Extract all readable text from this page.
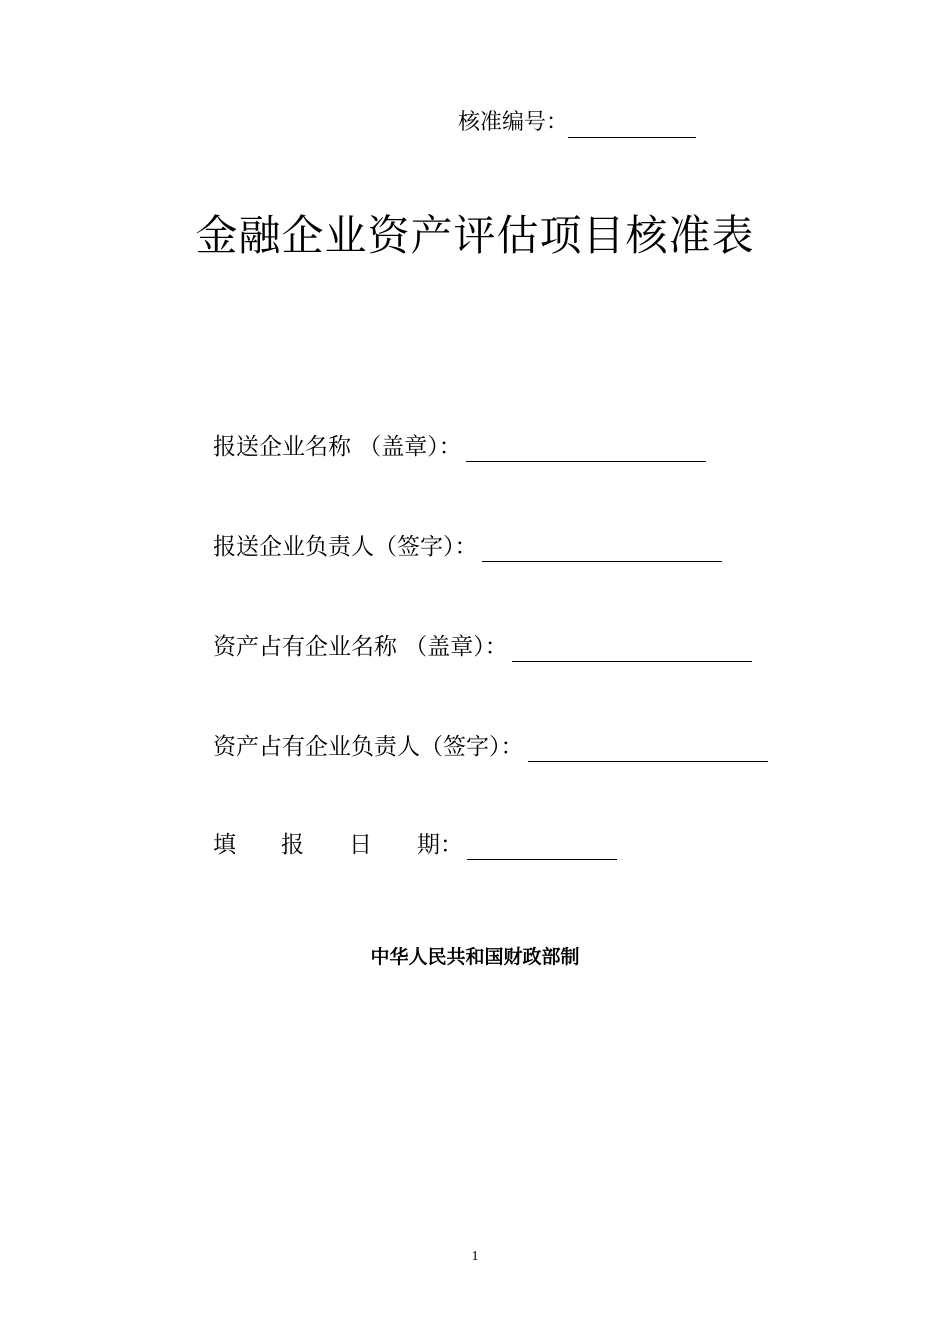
核准编号：
金融企业资产评估项目核准表
报送企业名称 （盖章）：
报送企业负责人（签字）：
资产占有企业名称 （盖章）：
资产占有企业负责人（签字）：
填 报 日 期：
中华人民共和国财政部制
1
